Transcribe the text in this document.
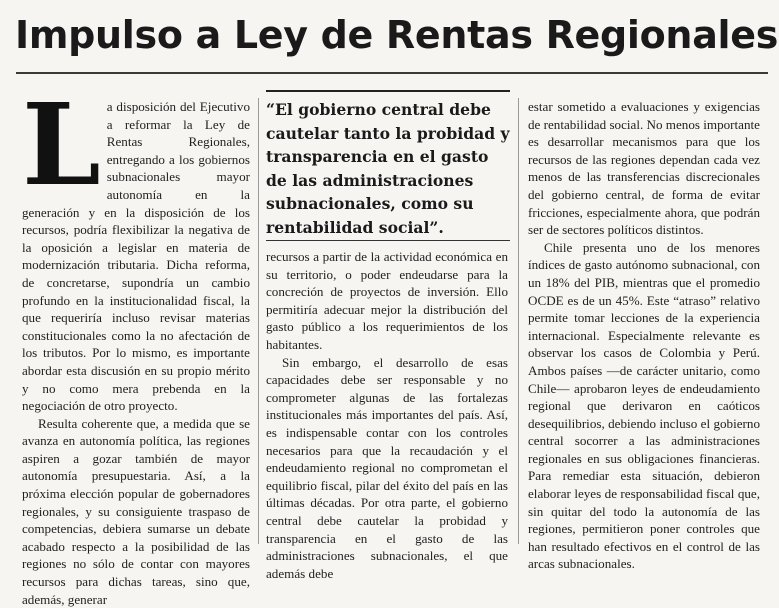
Impulso a Ley de Rentas Regionales

La disposición del Ejecutivo a reformar la Ley de Rentas Regionales, entregando a los gobiernos subnacionales mayor autonomía en la generación y en la disposición de los recursos, podría flexibilizar la negativa de la oposición a legislar en materia de modernización tributaria. Dicha reforma, de concretarse, supondría un cambio profundo en la institucionalidad fiscal, la que requeriría incluso revisar materias constitucionales como la no afectación de los tributos. Por lo mismo, es importante abordar esta discusión en su propio mérito y no como mera prebenda en la negociación de otro proyecto.

Resulta coherente que, a medida que se avanza en autonomía política, las regiones aspiren a gozar también de mayor autonomía presupuestaria. Así, a la próxima elección popular de gobernadores regionales, y su consiguiente traspaso de competencias, debiera sumarse un debate acabado respecto a la posibilidad de las regiones no sólo de contar con mayores recursos para dichas tareas, sino que, además, generar

“El gobierno central debe cautelar tanto la probidad y transparencia en el gasto de las administraciones subnacionales, como su rentabilidad social”.

recursos a partir de la actividad económica en su territorio, o poder endeudarse para la concreción de proyectos de inversión. Ello permitiría adecuar mejor la distribución del gasto público a los requerimientos de los habitantes.

Sin embargo, el desarrollo de esas capacidades debe ser responsable y no comprometer algunas de las fortalezas institucionales más importantes del país. Así, es indispensable contar con los controles necesarios para que la recaudación y el endeudamiento regional no comprometan el equilibrio fiscal, pilar del éxito del país en las últimas décadas. Por otra parte, el gobierno central debe cautelar la probidad y transparencia en el gasto de las administraciones subnacionales, el que además debe

estar sometido a evaluaciones y exigencias de rentabilidad social. No menos importante es desarrollar mecanismos para que los recursos de las regiones dependan cada vez menos de las transferencias discrecionales del gobierno central, de forma de evitar fricciones, especialmente ahora, que podrán ser de sectores políticos distintos.

Chile presenta uno de los menores índices de gasto autónomo subnacional, con un 18% del PIB, mientras que el promedio OCDE es de un 45%. Este “atraso” relativo permite tomar lecciones de la experiencia internacional. Especialmente relevante es observar los casos de Colombia y Perú. Ambos países —de carácter unitario, como Chile— aprobaron leyes de endeudamiento regional que derivaron en caóticos desequilibrios, debiendo incluso el gobierno central socorrer a las administraciones regionales en sus obligaciones financieras. Para remediar esta situación, debieron elaborar leyes de responsabilidad fiscal que, sin quitar del todo la autonomía de las regiones, permitieron poner controles que han resultado efectivos en el control de las arcas subnacionales.
